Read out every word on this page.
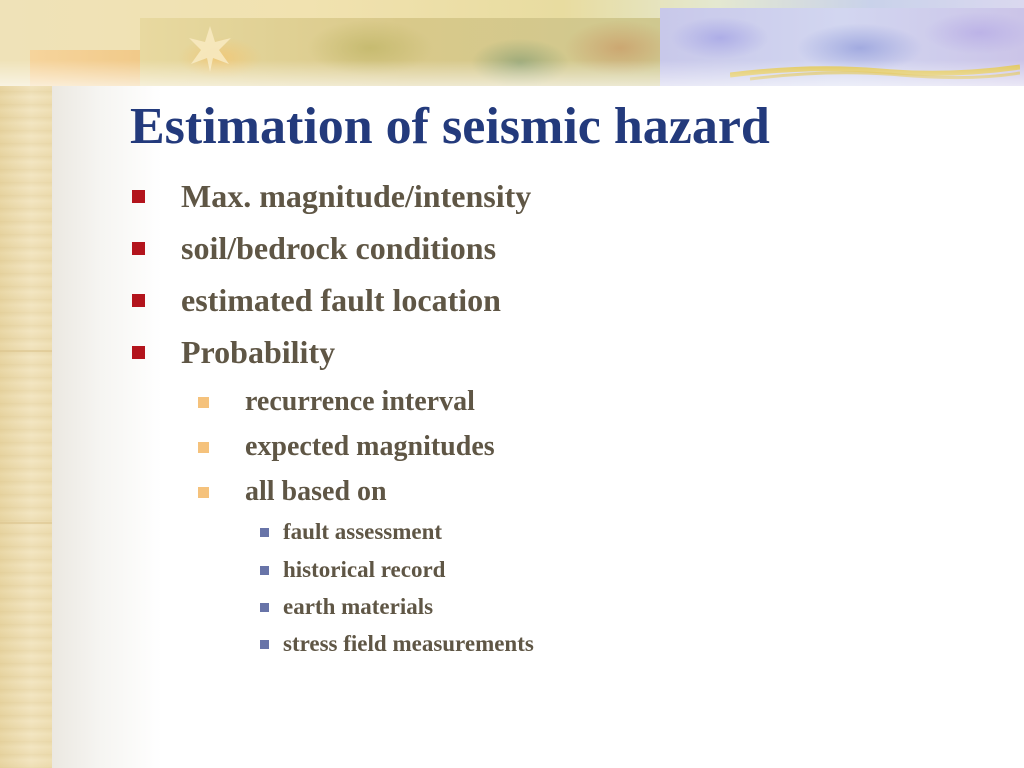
Estimation of seismic hazard
Max. magnitude/intensity
soil/bedrock conditions
estimated fault location
Probability
recurrence interval
expected magnitudes
all based on
fault assessment
historical record
earth materials
stress field measurements
